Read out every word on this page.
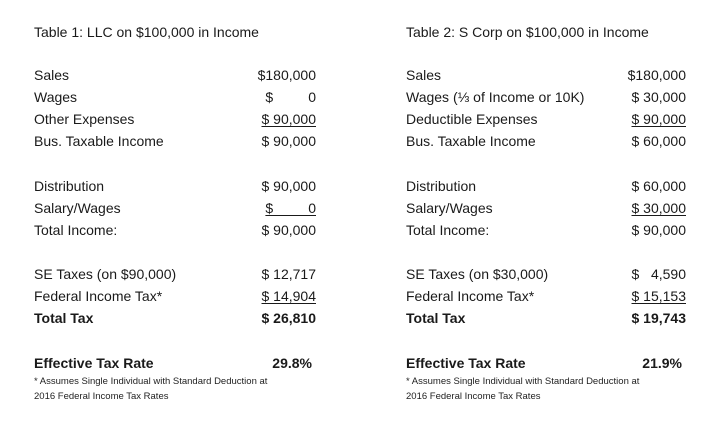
Table 1: LLC on $100,000 in Income
Sales	$180,000
Wages	$         0
Other Expenses	$ 90,000
Bus. Taxable Income	$ 90,000
Distribution	$ 90,000
Salary/Wages	$         0
Total Income:	$ 90,000
SE Taxes (on $90,000)	$ 12,717
Federal Income Tax*	$ 14,904
Total Tax	$ 26,810
Effective Tax Rate	29.8%
* Assumes Single Individual with Standard Deduction at
2016 Federal Income Tax Rates
Table 2: S Corp on $100,000 in Income
Sales	$180,000
Wages (⅓ of Income or 10K)	$ 30,000
Deductible Expenses	$ 90,000
Bus. Taxable Income	$ 60,000
Distribution	$ 60,000
Salary/Wages	$ 30,000
Total Income:	$ 90,000
SE Taxes (on $30,000)	$   4,590
Federal Income Tax*	$ 15,153
Total Tax	$ 19,743
Effective Tax Rate	21.9%
* Assumes Single Individual with Standard Deduction at
2016 Federal Income Tax Rates
